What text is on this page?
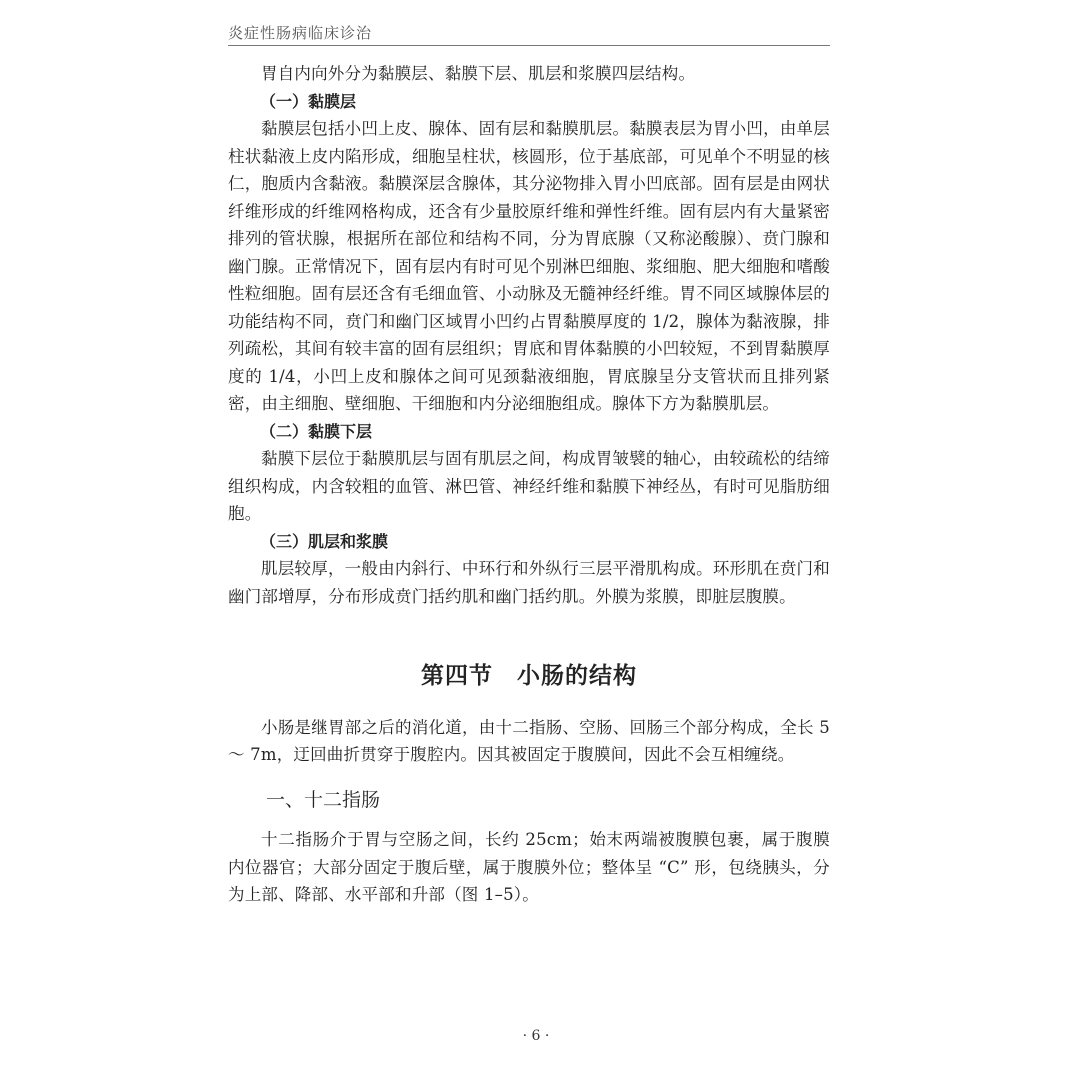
炎症性肠病临床诊治

胃自内向外分为黏膜层、黏膜下层、肌层和浆膜四层结构。

（一）黏膜层

黏膜层包括小凹上皮、腺体、固有层和黏膜肌层。黏膜表层为胃小凹，由单层柱状黏液上皮内陷形成，细胞呈柱状，核圆形，位于基底部，可见单个不明显的核仁，胞质内含黏液。黏膜深层含腺体，其分泌物排入胃小凹底部。固有层是由网状纤维形成的纤维网格构成，还含有少量胶原纤维和弹性纤维。固有层内有大量紧密排列的管状腺，根据所在部位和结构不同，分为胃底腺（又称泌酸腺）、贲门腺和幽门腺。正常情况下，固有层内有时可见个别淋巴细胞、浆细胞、肥大细胞和嗜酸性粒细胞。固有层还含有毛细血管、小动脉及无髓神经纤维。胃不同区域腺体层的功能结构不同，贲门和幽门区域胃小凹约占胃黏膜厚度的 1/2，腺体为黏液腺，排列疏松，其间有较丰富的固有层组织；胃底和胃体黏膜的小凹较短，不到胃黏膜厚度的 1/4，小凹上皮和腺体之间可见颈黏液细胞，胃底腺呈分支管状而且排列紧密，由主细胞、壁细胞、干细胞和内分泌细胞组成。腺体下方为黏膜肌层。

（二）黏膜下层

黏膜下层位于黏膜肌层与固有肌层之间，构成胃皱襞的轴心，由较疏松的结缔组织构成，内含较粗的血管、淋巴管、神经纤维和黏膜下神经丛，有时可见脂肪细胞。

（三）肌层和浆膜

肌层较厚，一般由内斜行、中环行和外纵行三层平滑肌构成。环形肌在贲门和幽门部增厚，分布形成贲门括约肌和幽门括约肌。外膜为浆膜，即脏层腹膜。

第四节　小肠的结构

小肠是继胃部之后的消化道，由十二指肠、空肠、回肠三个部分构成，全长 5 ～ 7m，迂回曲折贯穿于腹腔内。因其被固定于腹膜间，因此不会互相缠绕。

一、十二指肠

十二指肠介于胃与空肠之间，长约 25cm；始末两端被腹膜包裹，属于腹膜内位器官；大部分固定于腹后壁，属于腹膜外位；整体呈 “C” 形，包绕胰头，分为上部、降部、水平部和升部（图 1–5）。

· 6 ·
